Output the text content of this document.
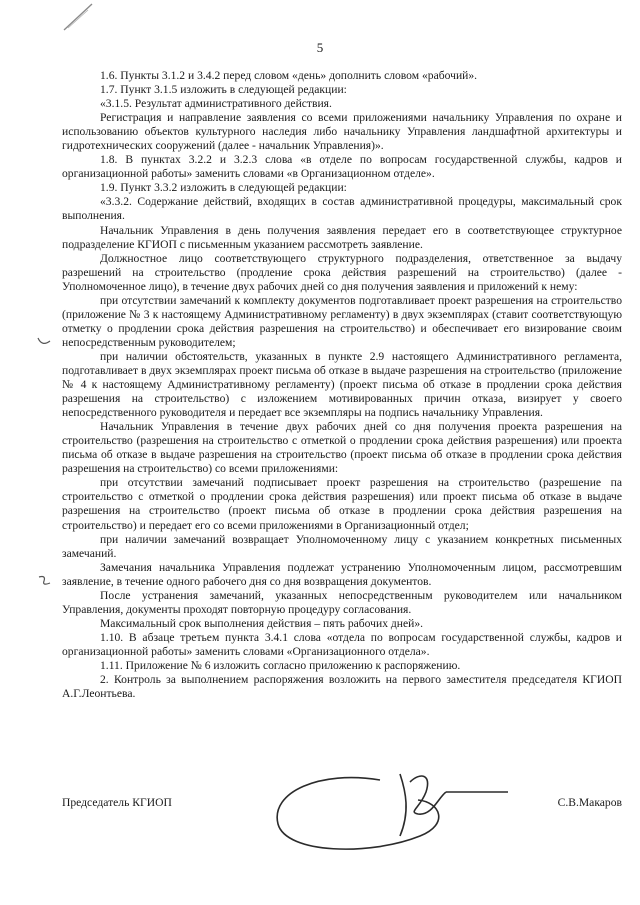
5

1.6. Пункты 3.1.2 и 3.4.2 перед словом «день» дополнить словом «рабочий».

1.7. Пункт 3.1.5 изложить в следующей редакции:

«3.1.5. Результат административного действия.

Регистрация и направление заявления со всеми приложениями начальнику Управления по охране и использованию объектов культурного наследия либо начальнику Управления ландшафтной архитектуры и гидротехнических сооружений (далее - начальник Управления)».

1.8. В пунктах 3.2.2 и 3.2.3 слова «в отделе по вопросам государственной службы, кадров и организационной работы» заменить словами «в Организационном отделе».

1.9. Пункт 3.3.2 изложить в следующей редакции:

«3.3.2. Содержание действий, входящих в состав административной процедуры, максимальный срок выполнения.

Начальник Управления в день получения заявления передает его в соответствующее структурное подразделение КГИОП с письменным указанием рассмотреть заявление.

Должностное лицо соответствующего структурного подразделения, ответственное за выдачу разрешений на строительство (продление срока действия разрешений на строительство) (далее - Уполномоченное лицо), в течение двух рабочих дней со дня получения заявления и приложений к нему:

при отсутствии замечаний к комплекту документов подготавливает проект разрешения на строительство (приложение № 3 к настоящему Административному регламенту) в двух экземплярах (ставит соответствующую отметку о продлении срока действия разрешения на строительство) и обеспечивает его визирование своим непосредственным руководителем;

при наличии обстоятельств, указанных в пункте 2.9 настоящего Административного регламента, подготавливает в двух экземплярах проект письма об отказе в выдаче разрешения на строительство (приложение № 4 к настоящему Административному регламенту) (проект письма об отказе в продлении срока действия разрешения на строительство) с изложением мотивированных причин отказа, визирует у своего непосредственного руководителя и передает все экземпляры на подпись начальнику Управления.

Начальник Управления в течение двух рабочих дней со дня получения проекта разрешения на строительство (разрешения на строительство с отметкой о продлении срока действия разрешения) или проекта письма об отказе в выдаче разрешения на строительство (проект письма об отказе в продлении срока действия разрешения на строительство) со всеми приложениями:

при отсутствии замечаний подписывает проект разрешения на строительство (разрешение па строительство с отметкой о продлении срока действия разрешения) или проект письма об отказе в выдаче разрешения на строительство (проект письма об отказе в продлении срока действия разрешения на строительство) и передает его со всеми приложениями в Организационный отдел;

при наличии замечаний возвращает Уполномоченному лицу с указанием конкретных письменных замечаний.

Замечания начальника Управления подлежат устранению Уполномоченным лицом, рассмотревшим заявление, в течение одного рабочего дня со дня возвращения документов.

После устранения замечаний, указанных непосредственным руководителем или начальником Управления, документы проходят повторную процедуру согласования.

Максимальный срок выполнения действия – пять рабочих дней».

1.10. В абзаце третьем пункта 3.4.1 слова «отдела по вопросам государственной службы, кадров и организационной работы» заменить словами «Организационного отдела».

1.11. Приложение № 6 изложить согласно приложению к распоряжению.

2. Контроль за выполнением распоряжения возложить на первого заместителя председателя КГИОП А.Г.Леонтьева.

Председатель КГИОП	С.В.Макаров
